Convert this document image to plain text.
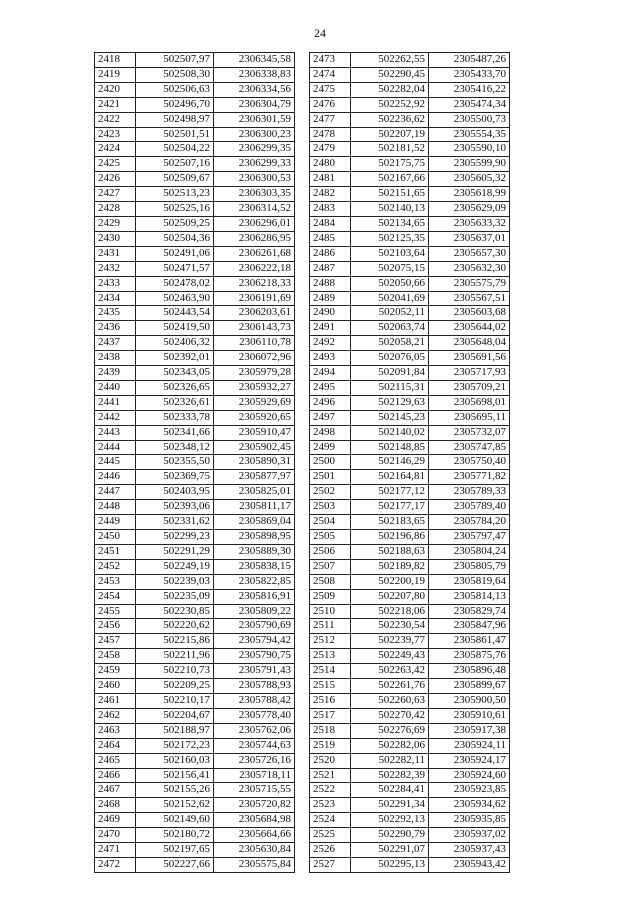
24
2418	502507,97	2306345,58
2419	502508,30	2306338,83
2420	502506,63	2306334,56
2421	502496,70	2306304,79
2422	502498,97	2306301,59
2423	502501,51	2306300,23
2424	502504,22	2306299,35
2425	502507,16	2306299,33
2426	502509,67	2306300,53
2427	502513,23	2306303,35
2428	502525,16	2306314,52
2429	502509,25	2306296,01
2430	502504,36	2306286,95
2431	502491,06	2306261,68
2432	502471,57	2306222,18
2433	502478,02	2306218,33
2434	502463,90	2306191,69
2435	502443,54	2306203,61
2436	502419,50	2306143,73
2437	502406,32	2306110,78
2438	502392,01	2306072,96
2439	502343,05	2305979,28
2440	502326,65	2305932,27
2441	502326,61	2305929,69
2442	502333,78	2305920,65
2443	502341,66	2305910,47
2444	502348,12	2305902,45
2445	502355,50	2305890,31
2446	502369,75	2305877,97
2447	502403,95	2305825,01
2448	502393,06	2305811,17
2449	502331,62	2305869,04
2450	502299,23	2305898,95
2451	502291,29	2305889,30
2452	502249,19	2305838,15
2453	502239,03	2305822,85
2454	502235,09	2305816,91
2455	502230,85	2305809,22
2456	502220,62	2305790,69
2457	502215,86	2305794,42
2458	502211,96	2305790,75
2459	502210,73	2305791,43
2460	502209,25	2305788,93
2461	502210,17	2305788,42
2462	502204,67	2305778,40
2463	502188,97	2305762,06
2464	502172,23	2305744,63
2465	502160,03	2305726,16
2466	502156,41	2305718,11
2467	502155,26	2305715,55
2468	502152,62	2305720,82
2469	502149,60	2305684,98
2470	502180,72	2305664,66
2471	502197,65	2305630,84
2472	502227,66	2305575,84
2473	502262,55	2305487,26
2474	502290,45	2305433,70
2475	502282,04	2305416,22
2476	502252,92	2305474,34
2477	502236,62	2305500,73
2478	502207,19	2305554,35
2479	502181,52	2305590,10
2480	502175,75	2305599,90
2481	502167,66	2305605,32
2482	502151,65	2305618,99
2483	502140,13	2305629,09
2484	502134,65	2305633,32
2485	502125,35	2305637,01
2486	502103,64	2305657,30
2487	502075,15	2305632,30
2488	502050,66	2305575,79
2489	502041,69	2305567,51
2490	502052,11	2305603,68
2491	502063,74	2305644,02
2492	502058,21	2305648,04
2493	502076,05	2305691,56
2494	502091,84	2305717,93
2495	502115,31	2305709,21
2496	502129,63	2305698,01
2497	502145,23	2305695,11
2498	502140,02	2305732,07
2499	502148,85	2305747,85
2500	502146,29	2305750,40
2501	502164,81	2305771,82
2502	502177,12	2305789,33
2503	502177,17	2305789,40
2504	502183,65	2305784,20
2505	502196,86	2305797,47
2506	502188,63	2305804,24
2507	502189,82	2305805,79
2508	502200,19	2305819,64
2509	502207,80	2305814,13
2510	502218,06	2305829,74
2511	502230,54	2305847,96
2512	502239,77	2305861,47
2513	502249,43	2305875,76
2514	502263,42	2305896,48
2515	502261,76	2305899,67
2516	502260,63	2305900,50
2517	502270,42	2305910,61
2518	502276,69	2305917,38
2519	502282,06	2305924,11
2520	502282,11	2305924,17
2521	502282,39	2305924,60
2522	502284,41	2305923,85
2523	502291,34	2305934,62
2524	502292,13	2305935,85
2525	502290,79	2305937,02
2526	502291,07	2305937,43
2527	502295,13	2305943,42
